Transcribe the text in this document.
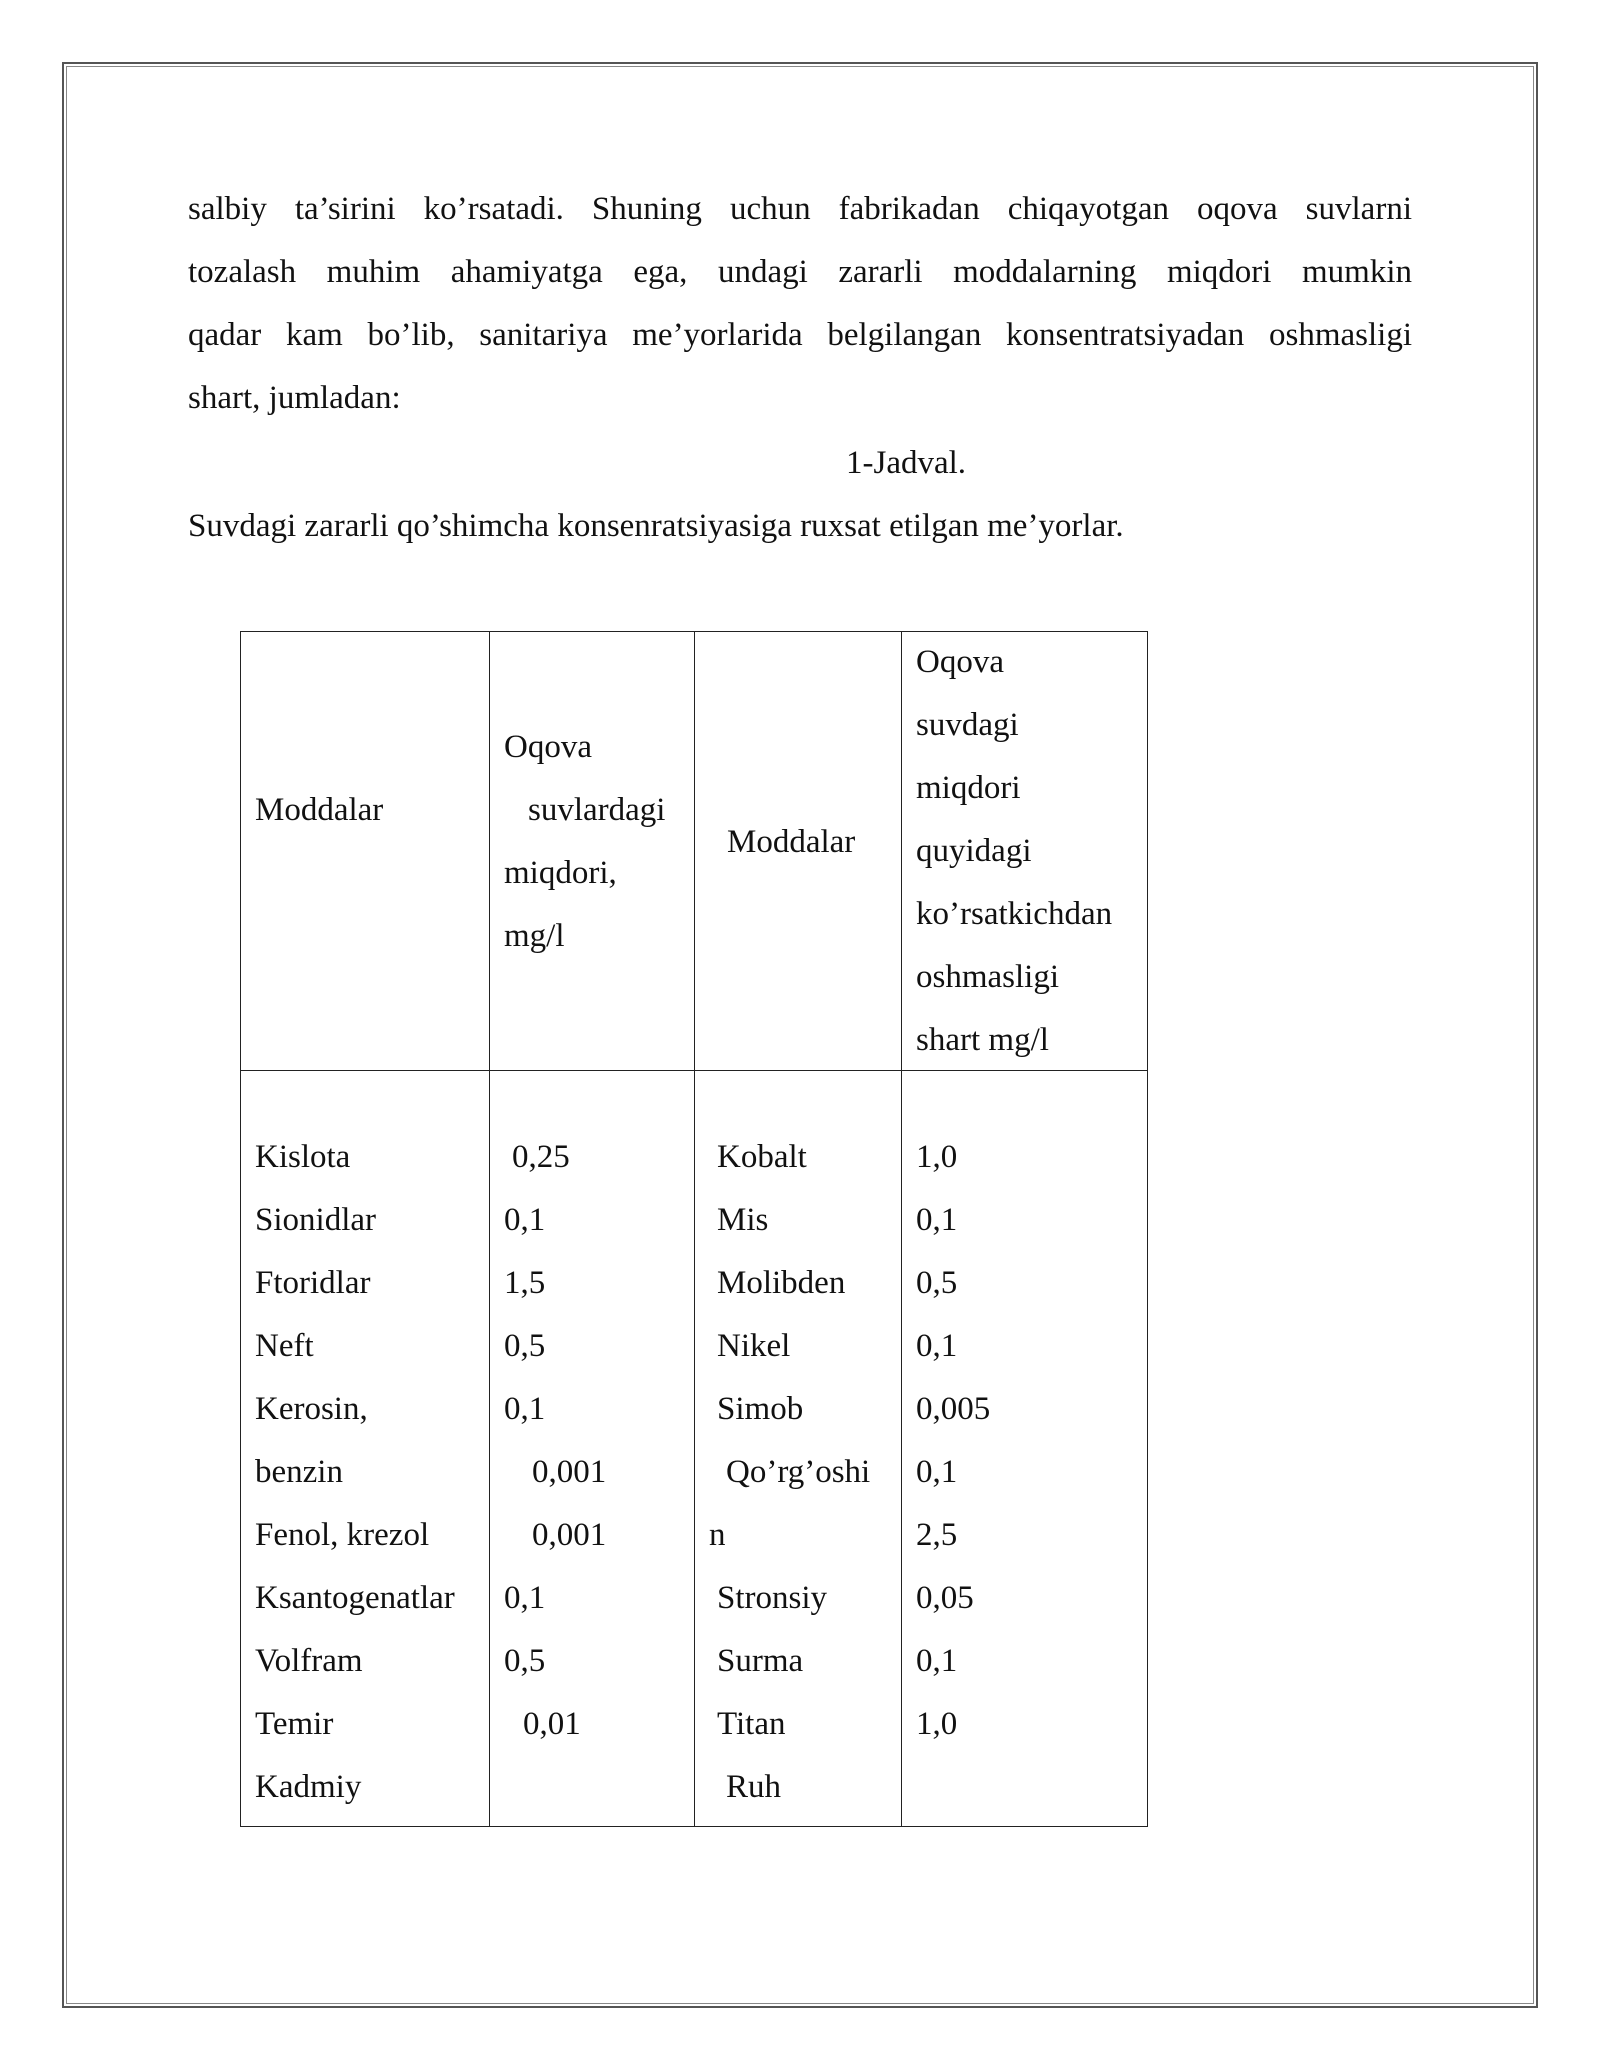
salbiy ta’sirini ko’rsatadi. Shuning uchun fabrikadan chiqayotgan oqova suvlarni
tozalash muhim ahamiyatga ega, undagi zararli moddalarning miqdori mumkin
qadar kam bo’lib, sanitariya me’yorlarida belgilangan konsentratsiyadan oshmasligi
shart, jumladan:

1-Jadval.

Suvdagi zararli qo’shimcha konsenratsiyasiga ruxsat etilgan me’yorlar.

Moddalar
Oqova
suvlardagi
miqdori,
mg/l
Moddalar
Oqova
suvdagi
miqdori
quyidagi
ko’rsatkichdan
oshmasligi
shart mg/l
Kislota
Sionidlar
Ftoridlar
Neft
Kerosin,
benzin
Fenol, krezol
Ksantogenatlar
Volfram
Temir
Kadmiy
0,25
0,1
1,5
0,5
0,1
0,001
0,001
0,1
0,5
0,01
Kobalt
Mis
Molibden
Nikel
Simob
Qo’rg’oshi
n
Stronsiy
Surma
Titan
Ruh
1,0
0,1
0,5
0,1
0,005
0,1
2,5
0,05
0,1
1,0
